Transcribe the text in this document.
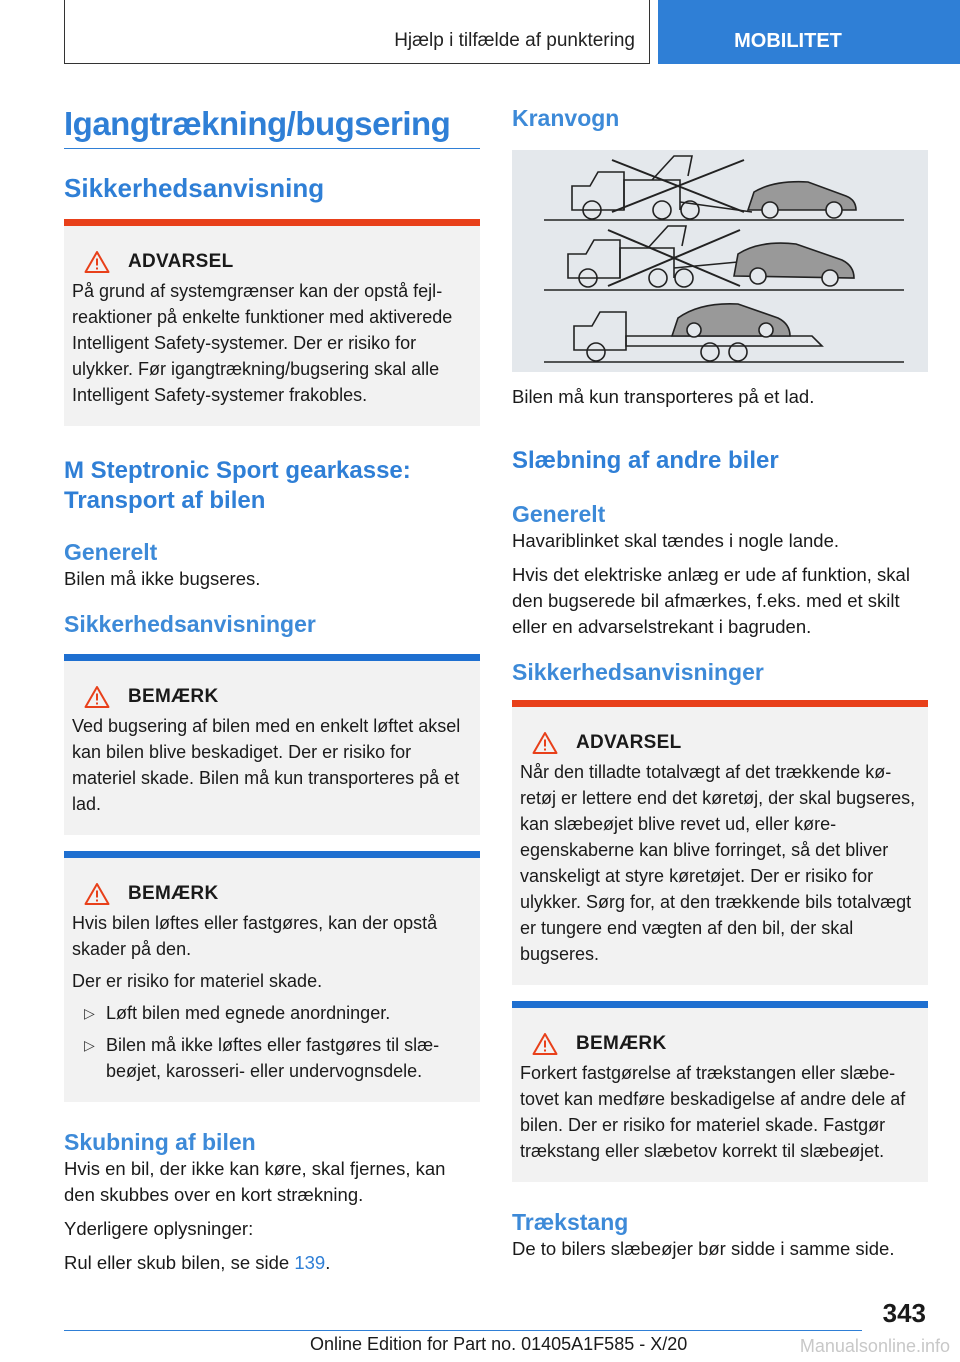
Hjælp i tilfælde af punktering	MOBILITET
Igangtrækning/bugsering
Sikkerhedsanvisning
ADVARSEL
På grund af systemgrænser kan der opstå fejlreaktioner på enkelte funktioner med aktiverede Intelligent Safety-systemer. Der er risiko for ulykker. Før igangtrækning/bugsering skal alle Intelligent Safety-systemer frakobles.
M Steptronic Sport gearkasse: Transport af bilen
Generelt
Bilen må ikke bugseres.
Sikkerhedsanvisninger
BEMÆRK
Ved bugsering af bilen med en enkelt løftet aksel kan bilen blive beskadiget. Der er risiko for materiel skade. Bilen må kun transporteres på et lad.
BEMÆRK
Hvis bilen løftes eller fastgøres, kan der opstå skader på den.
Der er risiko for materiel skade.
▷ Løft bilen med egnede anordninger.
▷ Bilen må ikke løftes eller fastgøres til slæbeøjet, karosseri- eller undervognsdele.
Skubning af bilen
Hvis en bil, der ikke kan køre, skal fjernes, kan den skubbes over en kort strækning.
Yderligere oplysninger:
Rul eller skub bilen, se side 139.
Kranvogn
Bilen må kun transporteres på et lad.
Slæbning af andre biler
Generelt
Havariblinket skal tændes i nogle lande.
Hvis det elektriske anlæg er ude af funktion, skal den bugserede bil afmærkes, f.eks. med et skilt eller en advarselstrekant i bagruden.
Sikkerhedsanvisninger
ADVARSEL
Når den tilladte totalvægt af det trækkende køretøj er lettere end det køretøj, der skal bugseres, kan slæbeøjet blive revet ud, eller køreegenskaberne kan blive forringet, så det bliver vanskeligt at styre køretøjet. Der er risiko for ulykker. Sørg for, at den trækkende bils totalvægt er tungere end vægten af den bil, der skal bugseres.
BEMÆRK
Forkert fastgørelse af trækstangen eller slæbetovet kan medføre beskadigelse af andre dele af bilen. Der er risiko for materiel skade. Fastgør trækstang eller slæbetov korrekt til slæbeøjet.
Trækstang
De to bilers slæbeøjer bør sidde i samme side.
343
Online Edition for Part no. 01405A1F585 - X/20	Manualsonline.info
